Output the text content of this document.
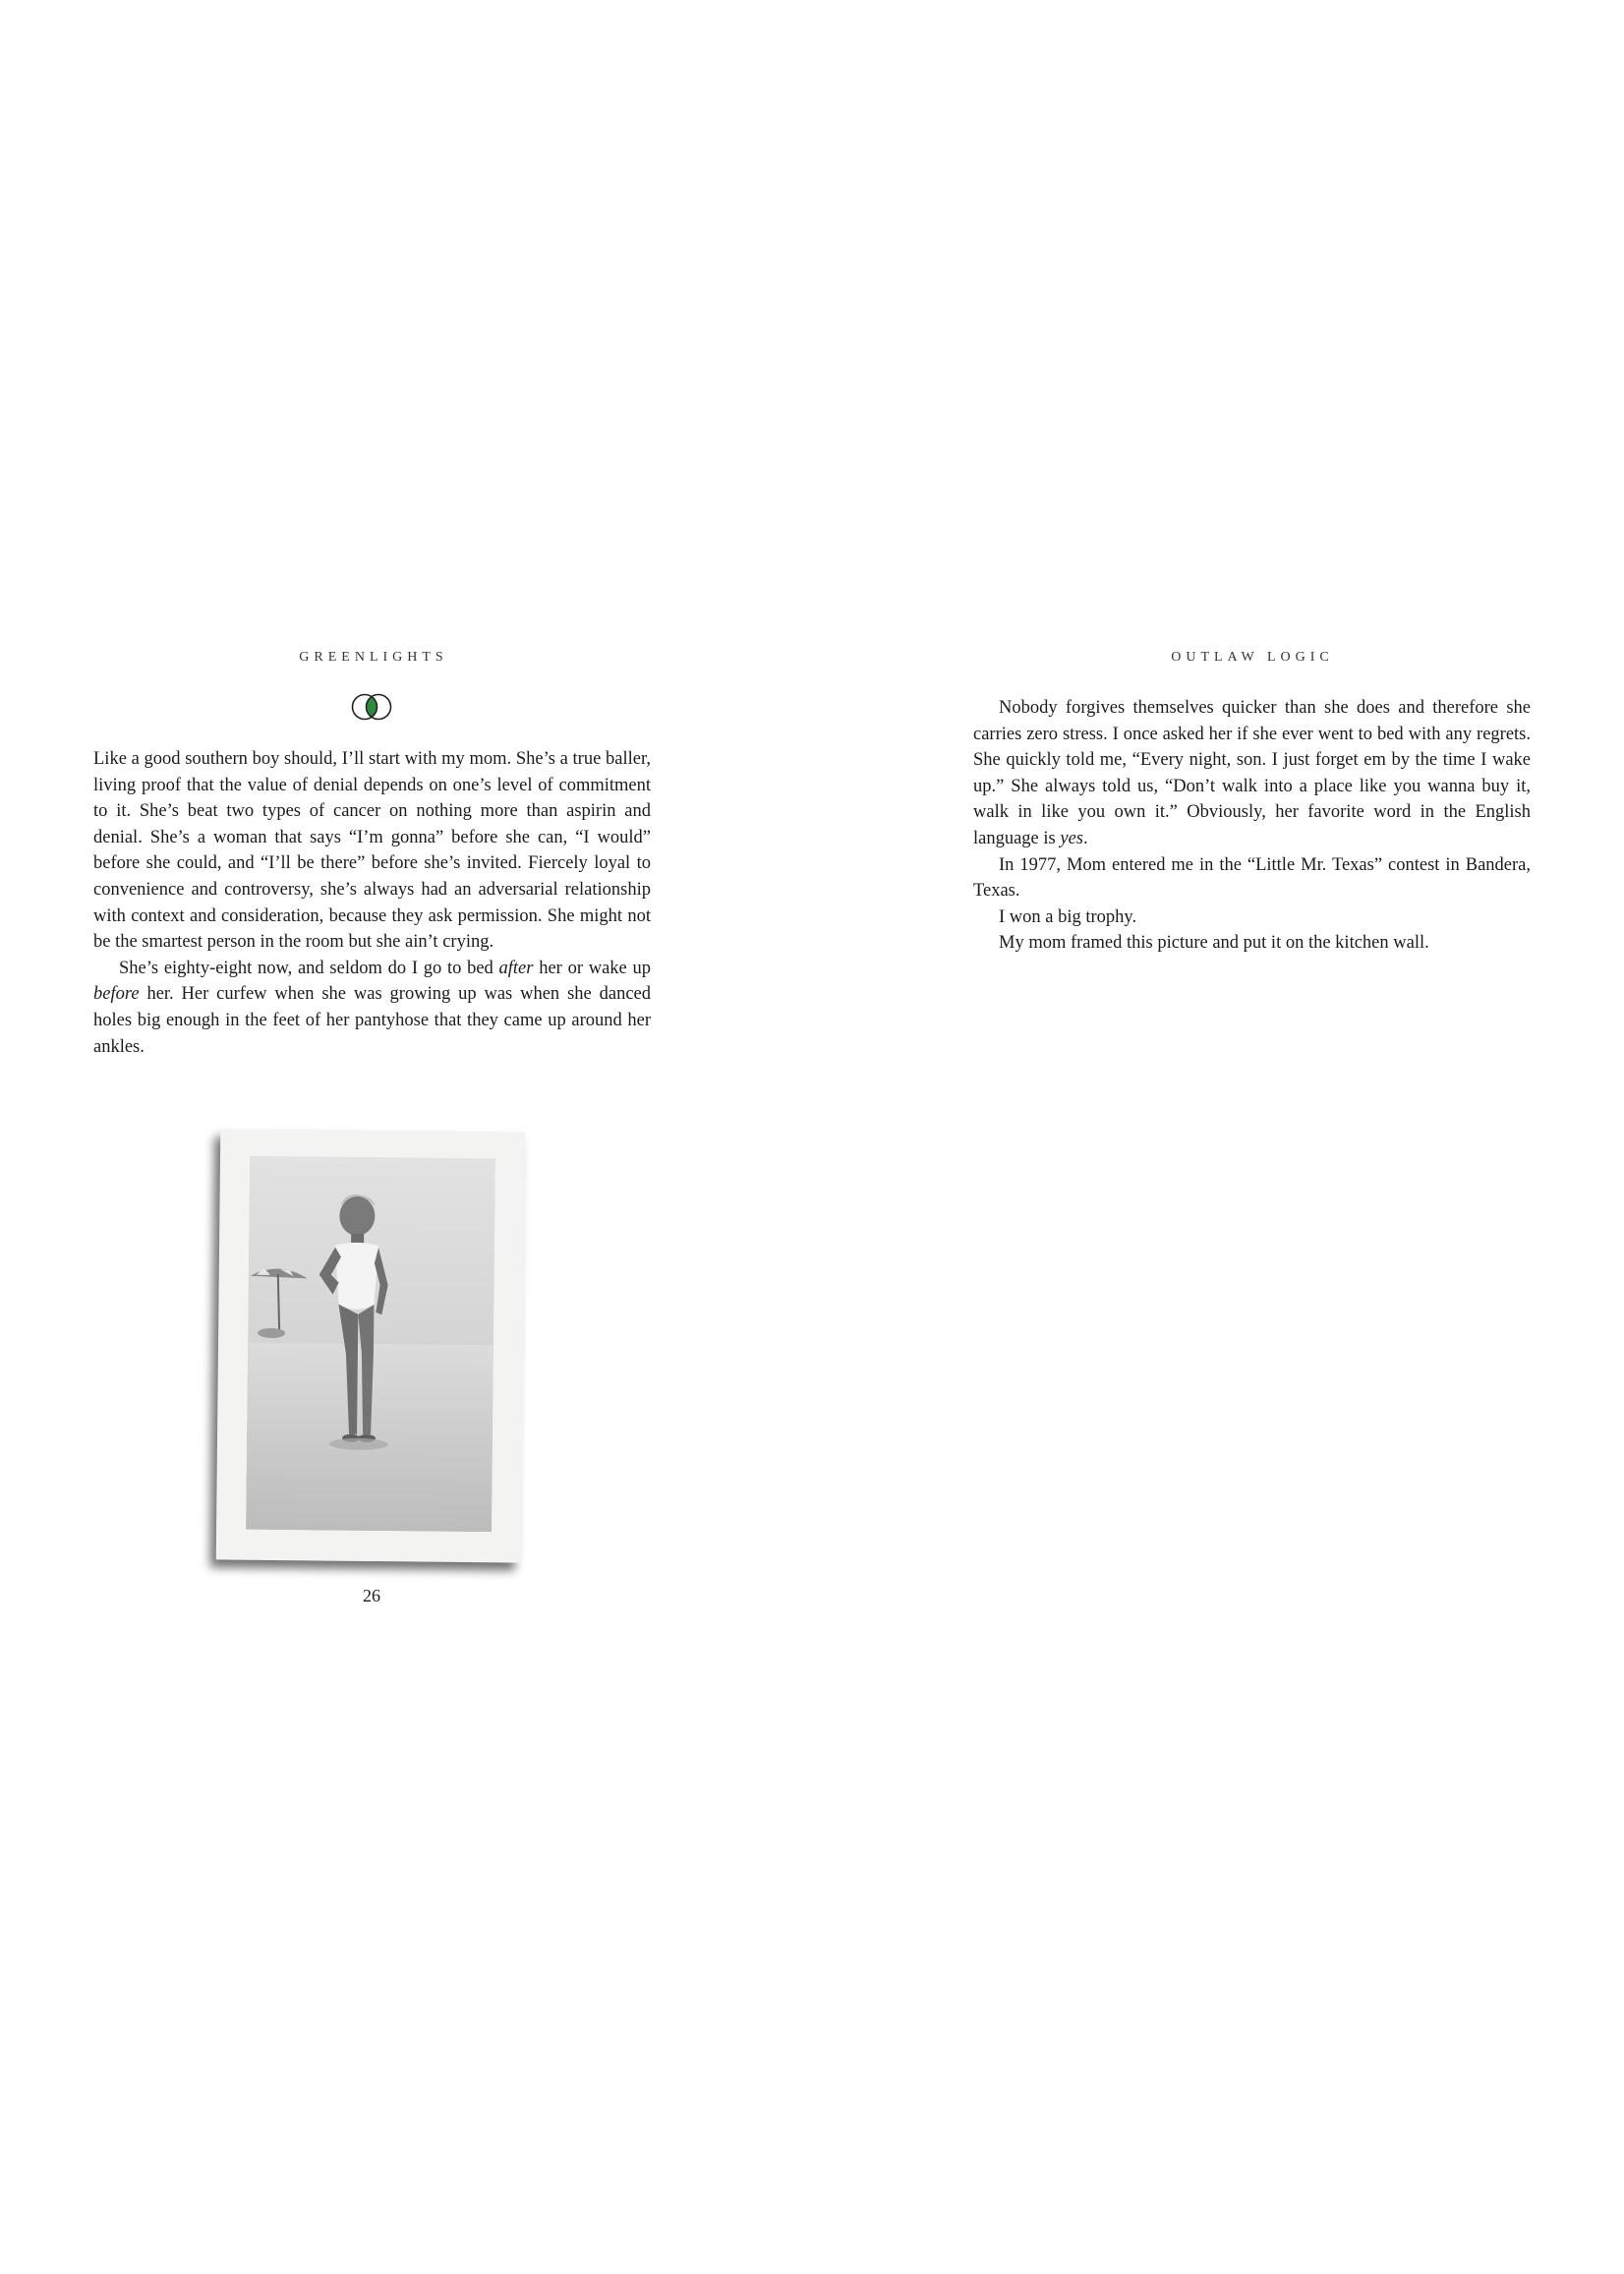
GREENLIGHTS

Like a good southern boy should, I’ll start with my mom. She’s a true baller, living proof that the value of denial depends on one’s level of commitment to it. She’s beat two types of cancer on nothing more than aspirin and denial. She’s a woman that says “I’m gonna” before she can, “I would” before she could, and “I’ll be there” before she’s invited. Fiercely loyal to convenience and controversy, she’s always had an adversarial relationship with context and consideration, because they ask permission. She might not be the smartest person in the room but she ain’t crying.

She’s eighty-eight now, and seldom do I go to bed after her or wake up before her. Her curfew when she was growing up was when she danced holes big enough in the feet of her pantyhose that they came up around her ankles.

26
OUTLAW LOGIC

Nobody forgives themselves quicker than she does and therefore she carries zero stress. I once asked her if she ever went to bed with any regrets. She quickly told me, “Every night, son. I just forget em by the time I wake up.” She always told us, “Don’t walk into a place like you wanna buy it, walk in like you own it.” Obviously, her favorite word in the English language is yes.

In 1977, Mom entered me in the “Little Mr. Texas” contest in Bandera, Texas.

I won a big trophy.

My mom framed this picture and put it on the kitchen wall.
